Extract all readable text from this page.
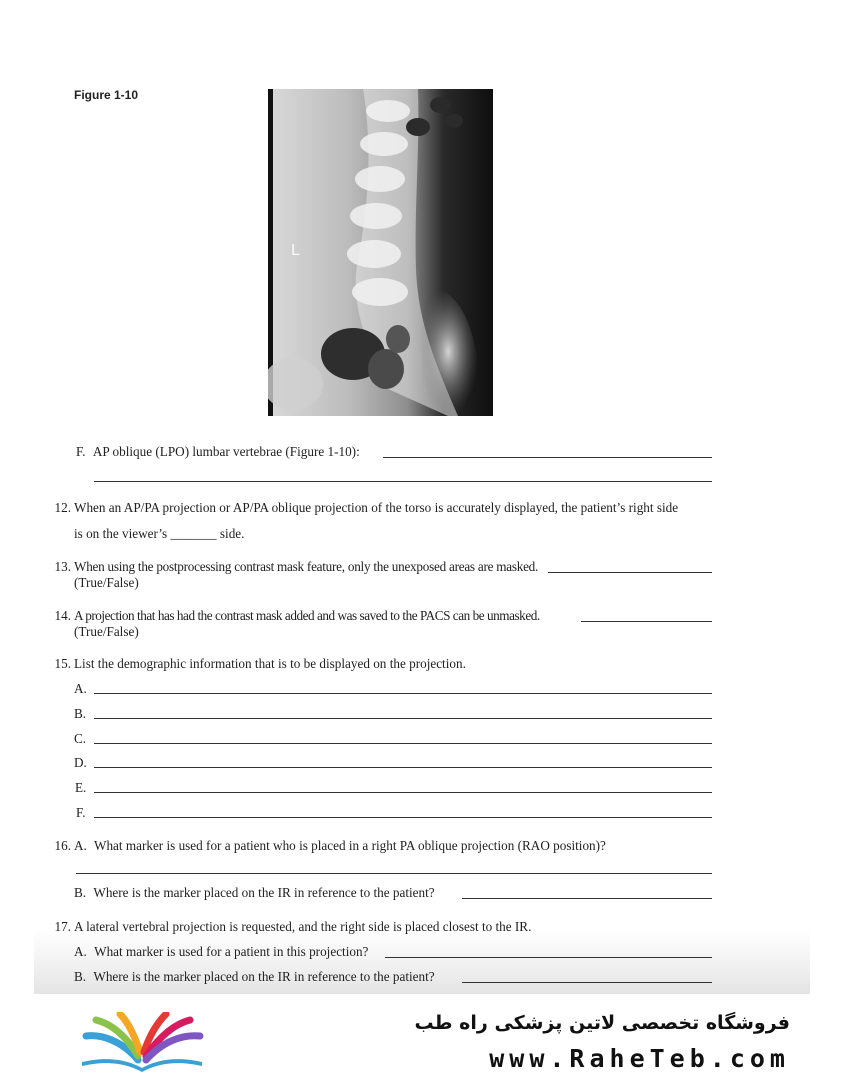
Figure 1-10
L
F. AP oblique (LPO) lumbar vertebrae (Figure 1-10):
12. When an AP/PA projection or AP/PA oblique projection of the torso is accurately displayed, the patient’s right side
is on the viewer’s _______ side.
13. When using the postprocessing contrast mask feature, only the unexposed areas are masked.
(True/False)
14. A projection that has had the contrast mask added and was saved to the PACS can be unmasked.
(True/False)
15. List the demographic information that is to be displayed on the projection.
A.
B.
C.
D.
E.
F.
16. A. What marker is used for a patient who is placed in a right PA oblique projection (RAO position)?
B. Where is the marker placed on the IR in reference to the patient?
17. A lateral vertebral projection is requested, and the right side is placed closest to the IR.
A. What marker is used for a patient in this projection?
B. Where is the marker placed on the IR in reference to the patient?
فروشگاه تخصصی لاتین پزشکی راه طب
www.RaheTeb.com
